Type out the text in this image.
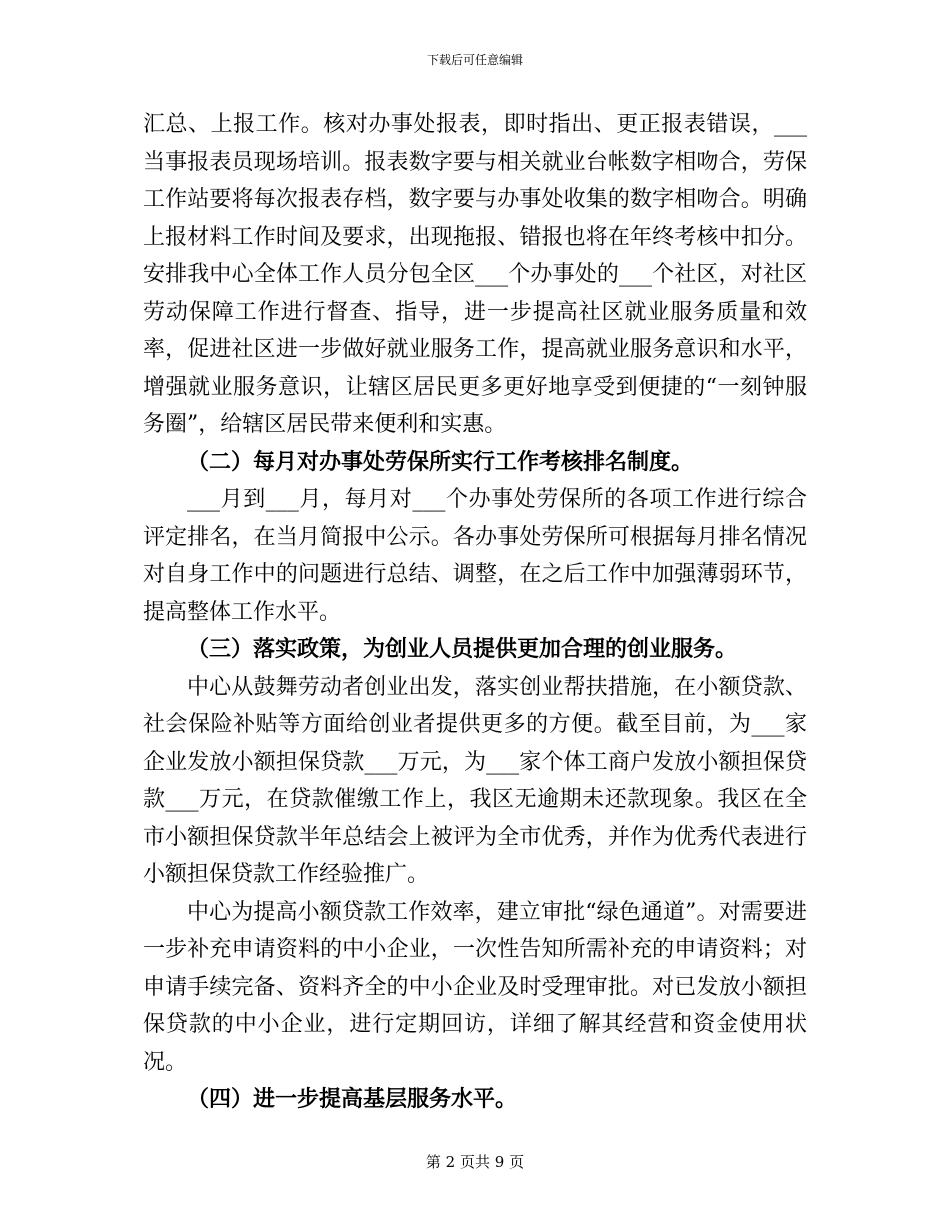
下载后可任意编辑

汇总、上报工作。核对办事处报表，即时指出、更正报表错误，___当事报表员现场培训。报表数字要与相关就业台帐数字相吻合，劳保工作站要将每次报表存档，数字要与办事处收集的数字相吻合。明确上报材料工作时间及要求，出现拖报、错报也将在年终考核中扣分。安排我中心全体工作人员分包全区___个办事处的___个社区，对社区劳动保障工作进行督查、指导，进一步提高社区就业服务质量和效率，促进社区进一步做好就业服务工作，提高就业服务意识和水平，增强就业服务意识，让辖区居民更多更好地享受到便捷的“一刻钟服务圈”，给辖区居民带来便利和实惠。

（二）每月对办事处劳保所实行工作考核排名制度。

___月到___月，每月对___个办事处劳保所的各项工作进行综合评定排名，在当月简报中公示。各办事处劳保所可根据每月排名情况对自身工作中的问题进行总结、调整，在之后工作中加强薄弱环节，提高整体工作水平。

（三）落实政策，为创业人员提供更加合理的创业服务。

中心从鼓舞劳动者创业出发，落实创业帮扶措施，在小额贷款、社会保险补贴等方面给创业者提供更多的方便。截至目前，为___家企业发放小额担保贷款___万元，为___家个体工商户发放小额担保贷款___万元，在贷款催缴工作上，我区无逾期未还款现象。我区在全市小额担保贷款半年总结会上被评为全市优秀，并作为优秀代表进行小额担保贷款工作经验推广。

中心为提高小额贷款工作效率，建立审批“绿色通道”。对需要进一步补充申请资料的中小企业，一次性告知所需补充的申请资料；对申请手续完备、资料齐全的中小企业及时受理审批。对已发放小额担保贷款的中小企业，进行定期回访，详细了解其经营和资金使用状况。

（四）进一步提高基层服务水平。

第 2 页共 9 页
